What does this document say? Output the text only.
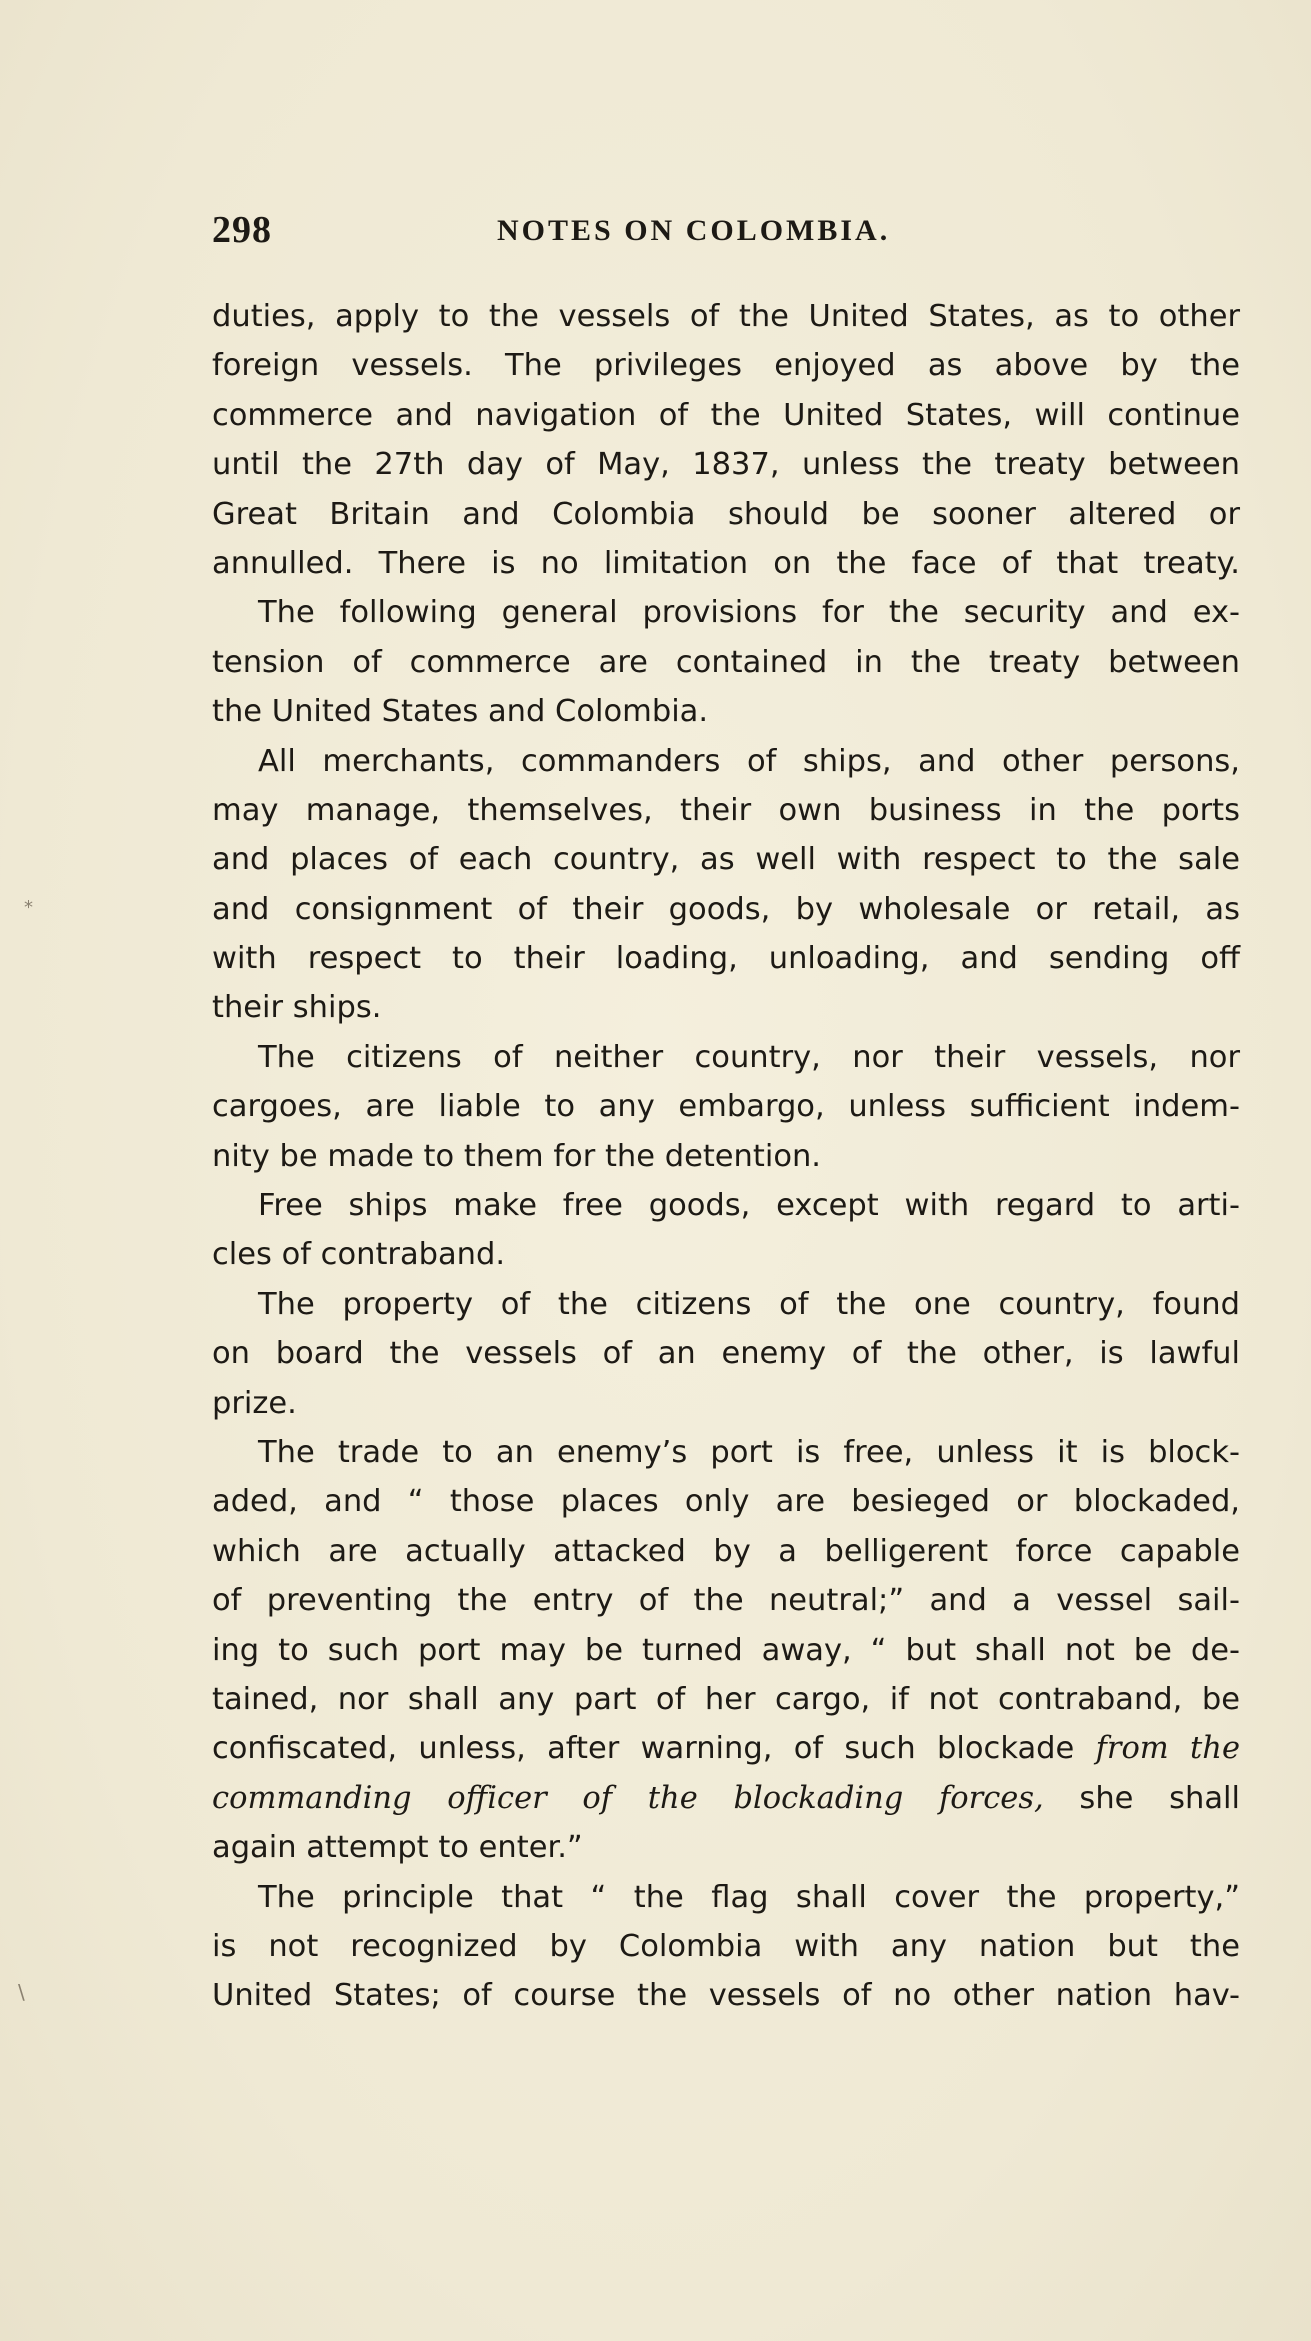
298	NOTES ON COLOMBIA.
*
\
duties, apply to the vessels of the United States, as to other
foreign vessels. The privileges enjoyed as above by the
commerce and navigation of the United States, will continue
until the 27th day of May, 1837, unless the treaty between
Great Britain and Colombia should be sooner altered or
annulled. There is no limitation on the face of that treaty.
The following general provisions for the security and ex-
tension of commerce are contained in the treaty between
the United States and Colombia.
All merchants, commanders of ships, and other persons,
may manage, themselves, their own business in the ports
and places of each country, as well with respect to the sale
and consignment of their goods, by wholesale or retail, as
with respect to their loading, unloading, and sending off
their ships.
The citizens of neither country, nor their vessels, nor
cargoes, are liable to any embargo, unless sufficient indem-
nity be made to them for the detention.
Free ships make free goods, except with regard to arti-
cles of contraband.
The property of the citizens of the one country, found
on board the vessels of an enemy of the other, is lawful
prize.
The trade to an enemy’s port is free, unless it is block-
aded, and “ those places only are besieged or blockaded,
which are actually attacked by a belligerent force capable
of preventing the entry of the neutral;” and a vessel sail-
ing to such port may be turned away, “ but shall not be de-
tained, nor shall any part of her cargo, if not contraband, be
confiscated, unless, after warning, of such blockade from the
commanding officer of the blockading forces, she shall
again attempt to enter.”
The principle that “ the flag shall cover the property,”
is not recognized by Colombia with any nation but the
United States; of course the vessels of no other nation hav-
